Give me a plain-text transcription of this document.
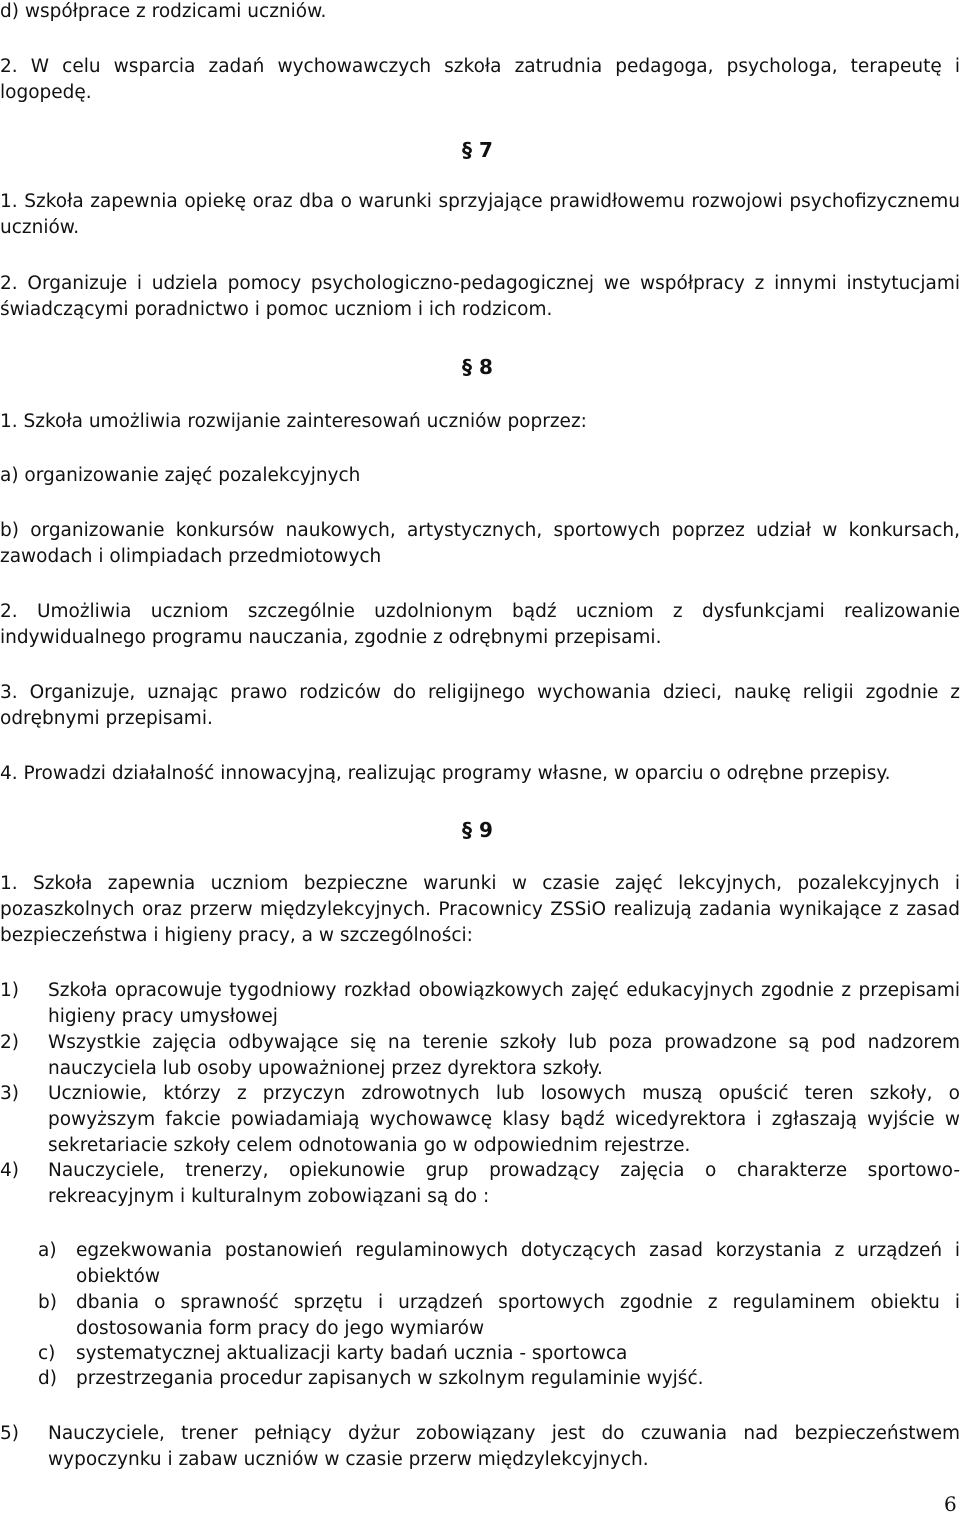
d) współprace z rodzicami uczniów.
2. W celu wsparcia zadań wychowawczych szkoła zatrudnia pedagoga, psychologa, terapeutę i
logopedę.
§ 7
1. Szkoła zapewnia opiekę oraz dba o warunki sprzyjające prawidłowemu rozwojowi psychofizycznemu
uczniów.
2. Organizuje i udziela pomocy psychologiczno-pedagogicznej we współpracy z innymi instytucjami
świadczącymi poradnictwo i pomoc uczniom i ich rodzicom.
§ 8
1. Szkoła umożliwia rozwijanie zainteresowań uczniów poprzez:
a) organizowanie zajęć pozalekcyjnych
b) organizowanie konkursów naukowych, artystycznych, sportowych poprzez udział w konkursach,
zawodach i olimpiadach przedmiotowych
2. Umożliwia uczniom szczególnie uzdolnionym bądź uczniom z dysfunkcjami realizowanie
indywidualnego programu nauczania, zgodnie z odrębnymi przepisami.
3. Organizuje, uznając prawo rodziców do religijnego wychowania dzieci, naukę religii zgodnie z
odrębnymi przepisami.
4. Prowadzi działalność innowacyjną, realizując programy własne, w oparciu o odrębne przepisy.
§ 9
1. Szkoła zapewnia uczniom bezpieczne warunki w czasie zajęć lekcyjnych, pozalekcyjnych i
pozaszkolnych oraz przerw międzylekcyjnych. Pracownicy ZSSiO realizują zadania wynikające z zasad
bezpieczeństwa i higieny pracy, a w szczególności:
1) Szkoła opracowuje tygodniowy rozkład obowiązkowych zajęć edukacyjnych zgodnie z przepisami
higieny pracy umysłowej
2) Wszystkie zajęcia odbywające się na terenie szkoły lub poza prowadzone są pod nadzorem
nauczyciela lub osoby upoważnionej przez dyrektora szkoły.
3) Uczniowie, którzy z przyczyn zdrowotnych lub losowych muszą opuścić teren szkoły, o
powyższym fakcie powiadamiają wychowawcę klasy bądź wicedyrektora i zgłaszają wyjście w
sekretariacie szkoły celem odnotowania go w odpowiednim rejestrze.
4) Nauczyciele, trenerzy, opiekunowie grup prowadzący zajęcia o charakterze sportowo-
rekreacyjnym i kulturalnym zobowiązani są do :
a) egzekwowania postanowień regulaminowych dotyczących zasad korzystania z urządzeń i
obiektów
b) dbania o sprawność sprzętu i urządzeń sportowych zgodnie z regulaminem obiektu i
dostosowania form pracy do jego wymiarów
c) systematycznej aktualizacji karty badań ucznia - sportowca
d) przestrzegania procedur zapisanych w szkolnym regulaminie wyjść.
5) Nauczyciele, trener pełniący dyżur zobowiązany jest do czuwania nad bezpieczeństwem
wypoczynku i zabaw uczniów w czasie przerw międzylekcyjnych.
6
